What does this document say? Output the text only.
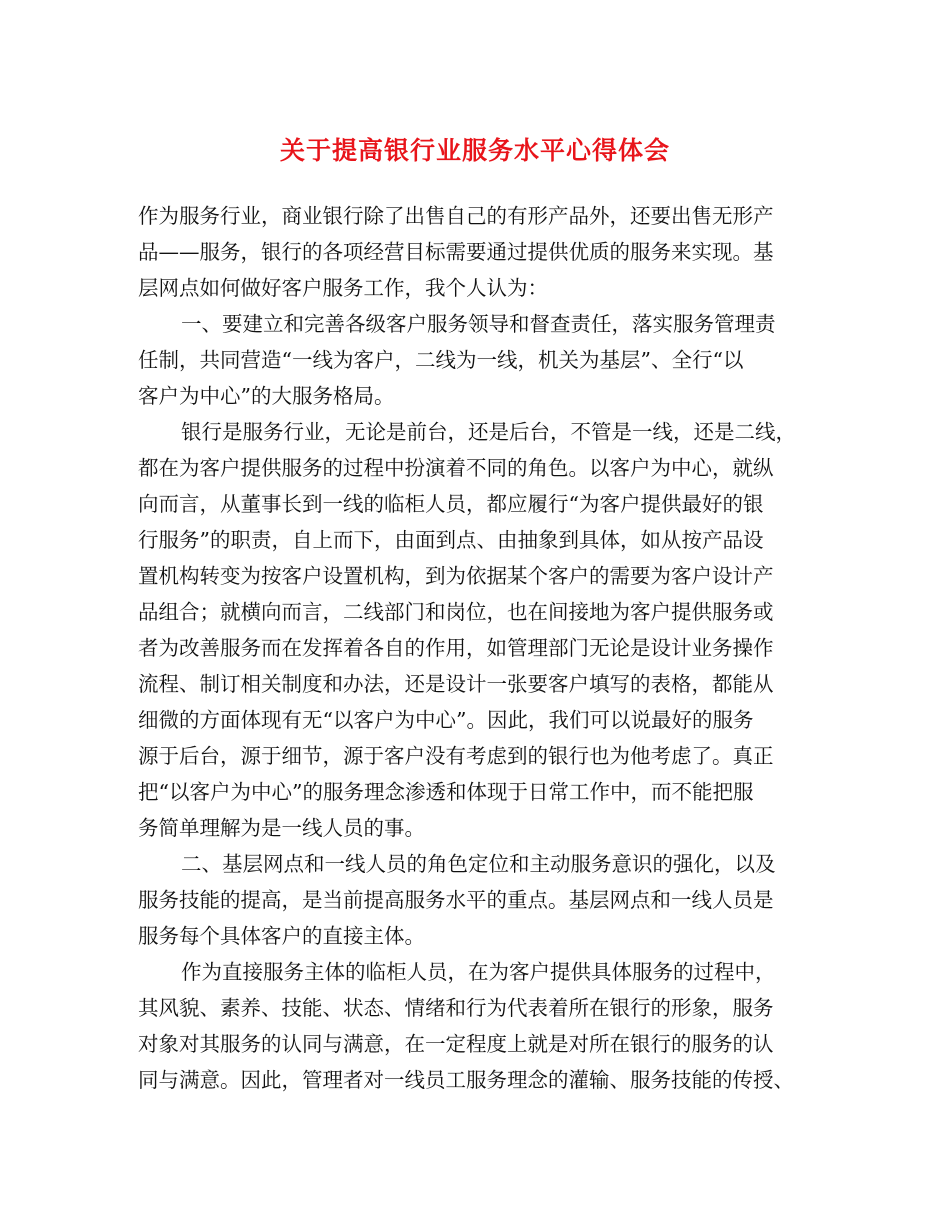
关于提高银行业服务水平心得体会
作为服务行业，商业银行除了出售自己的有形产品外，还要出售无形产
品——服务，银行的各项经营目标需要通过提供优质的服务来实现。基
层网点如何做好客户服务工作，我个人认为：
一、要建立和完善各级客户服务领导和督查责任，落实服务管理责
任制，共同营造“一线为客户，二线为一线，机关为基层”、全行“以
客户为中心”的大服务格局。
银行是服务行业，无论是前台，还是后台，不管是一线，还是二线，
都在为客户提供服务的过程中扮演着不同的角色。以客户为中心，就纵
向而言，从董事长到一线的临柜人员，都应履行“为客户提供最好的银
行服务”的职责，自上而下，由面到点、由抽象到具体，如从按产品设
置机构转变为按客户设置机构，到为依据某个客户的需要为客户设计产
品组合；就横向而言，二线部门和岗位，也在间接地为客户提供服务或
者为改善服务而在发挥着各自的作用，如管理部门无论是设计业务操作
流程、制订相关制度和办法，还是设计一张要客户填写的表格，都能从
细微的方面体现有无“以客户为中心”。因此，我们可以说最好的服务
源于后台，源于细节，源于客户没有考虑到的银行也为他考虑了。真正
把“以客户为中心”的服务理念渗透和体现于日常工作中，而不能把服
务简单理解为是一线人员的事。
二、基层网点和一线人员的角色定位和主动服务意识的强化，以及
服务技能的提高，是当前提高服务水平的重点。基层网点和一线人员是
服务每个具体客户的直接主体。
作为直接服务主体的临柜人员，在为客户提供具体服务的过程中，
其风貌、素养、技能、状态、情绪和行为代表着所在银行的形象，服务
对象对其服务的认同与满意，在一定程度上就是对所在银行的服务的认
同与满意。因此，管理者对一线员工服务理念的灌输、服务技能的传授、
